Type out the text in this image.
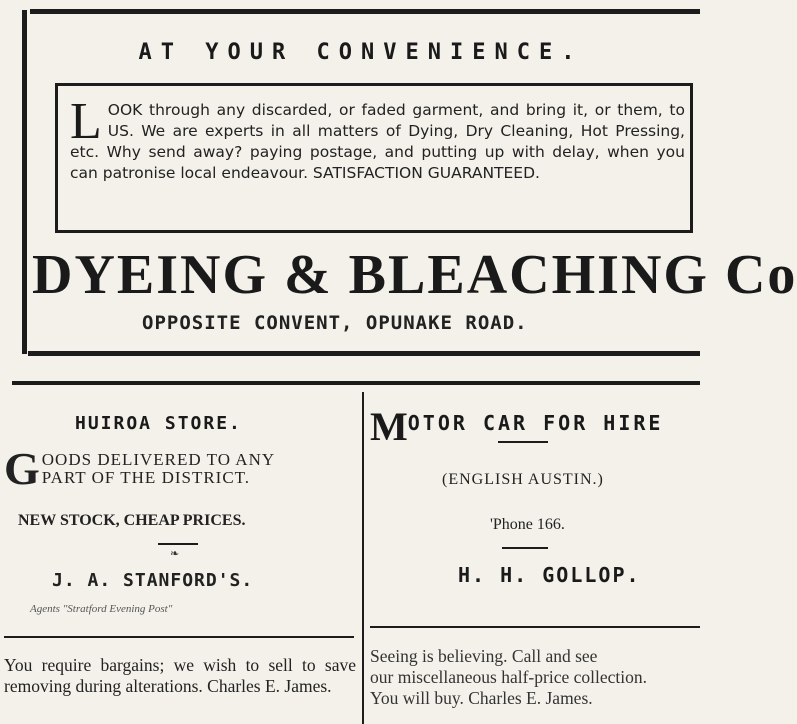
AT YOUR CONVENIENCE.
L OOK through any discarded, or faded garment, and bring it, or them, to US. We are experts in all matters of Dying, Dry Cleaning, Hot Pressing, etc. Why send away? paying postage, and putting up with delay, when you can patronise local endeavour. SATISFACTION GUARANTEED.
DYEING & BLEACHING Co
OPPOSITE CONVENT, OPUNAKE ROAD.
HUIROA STORE.
G OODS DELIVERED TO ANY
PART OF THE DISTRICT.
NEW STOCK, CHEAP PRICES.
❧
J. A. STANFORD'S.
Agents "Stratford Evening Post"
You require bargains; we wish to sell to save removing during alterations. Charles E. James.
MOTOR CAR FOR HIRE
(ENGLISH AUSTIN.)
'Phone 166.
H. H. GOLLOP.
Seeing is believing. Call and see
our miscellaneous half-price collection.
You will buy. Charles E. James.
